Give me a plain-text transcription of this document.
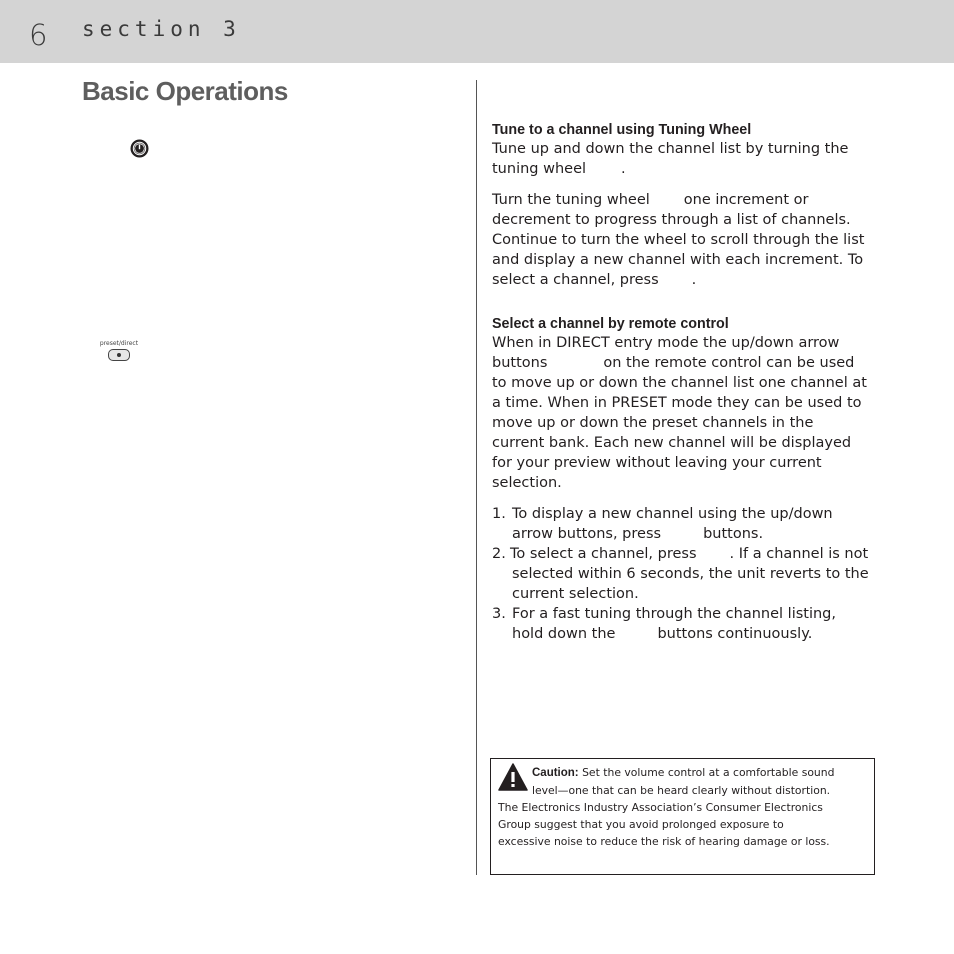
6 section 3
Basic Operations
preset/direct
Tune to a channel using Tuning Wheel
Tune up and down the channel list by turning the
tuning wheel .
Turn the tuning wheel one increment or
decrement to progress through a list of channels.
Continue to turn the wheel to scroll through the list
and display a new channel with each increment. To
select a channel, press .
Select a channel by remote control
When in DIRECT entry mode the up/down arrow
buttons	on the remote control can be used
to move up or down the channel list one channel at
a time. When in PRESET mode they can be used to
move up or down the preset channels in the
current bank. Each new channel will be displayed
for your preview without leaving your current
selection.
1. To display a new channel using the up/down
arrow buttons, press	buttons.
2. To select a channel, press . If a channel is not
selected within 6 seconds, the unit reverts to the
current selection.
3. For a fast tuning through the channel listing,
hold down the	buttons continuously.
Caution: Set the volume control at a comfortable sound
level—one that can be heard clearly without distortion.
The Electronics Industry Association’s Consumer Electronics
Group suggest that you avoid prolonged exposure to
excessive noise to reduce the risk of hearing damage or loss.
